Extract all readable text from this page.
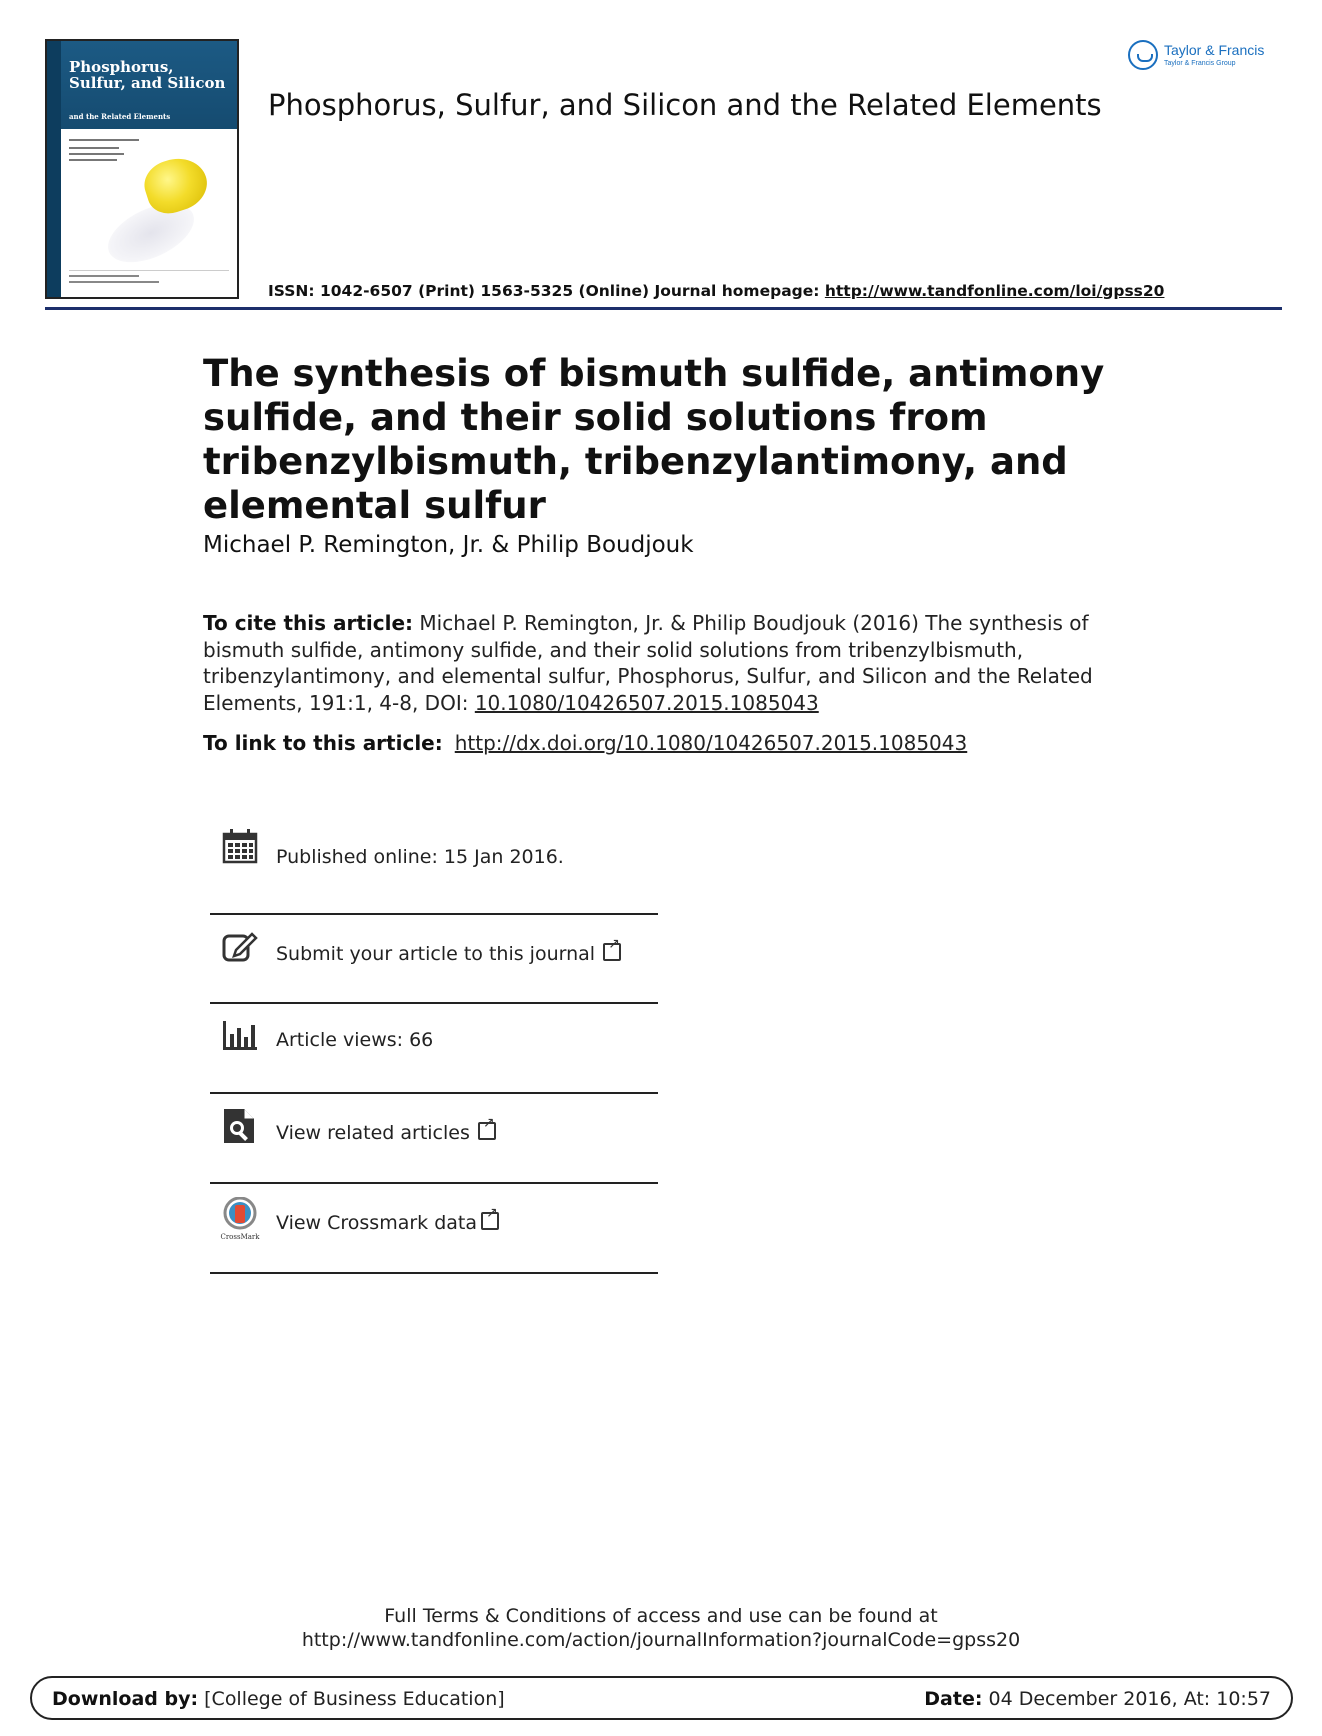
Phosphorus, Sulfur, and Silicon
and the Related Elements
Taylor & Francis
Taylor & Francis Group
Phosphorus, Sulfur, and Silicon and the Related Elements
ISSN: 1042-6507 (Print) 1563-5325 (Online) Journal homepage: http://www.tandfonline.com/loi/gpss20
The synthesis of bismuth sulfide, antimony sulfide, and their solid solutions from tribenzylbismuth, tribenzylantimony, and elemental sulfur
Michael P. Remington, Jr. & Philip Boudjouk
To cite this article: Michael P. Remington, Jr. & Philip Boudjouk (2016) The synthesis of bismuth sulfide, antimony sulfide, and their solid solutions from tribenzylbismuth, tribenzylantimony, and elemental sulfur, Phosphorus, Sulfur, and Silicon and the Related Elements, 191:1, 4-8, DOI: 10.1080/10426507.2015.1085043
To link to this article: http://dx.doi.org/10.1080/10426507.2015.1085043
Published online: 15 Jan 2016.
Submit your article to this journal↗
Article views: 66
View related articles↗
CrossMark
View Crossmark data↗
Full Terms & Conditions of access and use can be found at
http://www.tandfonline.com/action/journalInformation?journalCode=gpss20
Download by: [College of Business Education]	Date: 04 December 2016, At: 10:57
